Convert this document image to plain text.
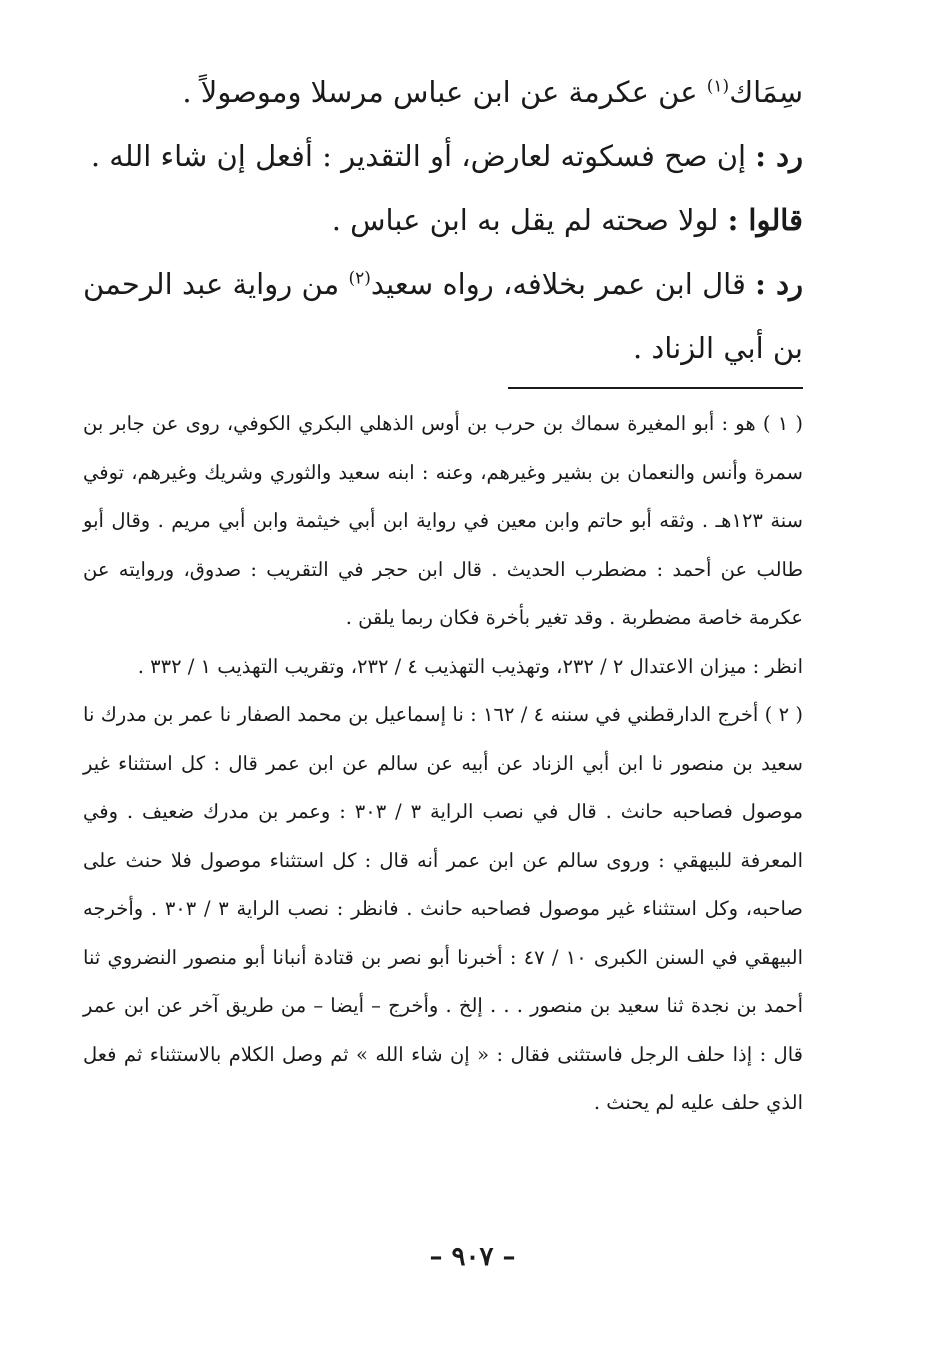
سِمَاك$^{(١)}$ عن عكرمة عن ابن عباس مرسلا وموصولاً .

رد : إن صح فسكوته لعارض، أو التقدير : أفعل إن شاء الله .

قالوا : لولا صحته لم يقل به ابن عباس .

رد : قال ابن عمر بخلافه، رواه سعيد$^{(٢)}$ من رواية عبد الرحمن بن أبي الزناد .

( ١ ) هو : أبو المغيرة سماك بن حرب بن أوس الذهلي البكري الكوفي، روى عن جابر بن سمرة وأنس والنعمان بن بشير وغيرهم، وعنه : ابنه سعيد والثوري وشريك وغيرهم، توفي سنة ١٢٣هـ . وثقه أبو حاتم وابن معين في رواية ابن أبي خيثمة وابن أبي مريم . وقال أبو طالب عن أحمد : مضطرب الحديث . قال ابن حجر في التقريب : صدوق، وروايته عن عكرمة خاصة مضطربة . وقد تغير بأخرة فكان ربما يلقن .

انظر : ميزان الاعتدال ٢ / ٢٣٢، وتهذيب التهذيب ٤ / ٢٣٢، وتقريب التهذيب ١ / ٣٣٢ .

( ٢ ) أخرج الدارقطني في سننه ٤ / ١٦٢ : نا إسماعيل بن محمد الصفار نا عمر بن مدرك نا سعيد بن منصور نا ابن أبي الزناد عن أبيه عن سالم عن ابن عمر قال : كل استثناء غير موصول فصاحبه حانث . قال في نصب الراية ٣ / ٣٠٣ : وعمر بن مدرك ضعيف . وفي المعرفة للبيهقي : وروى سالم عن ابن عمر أنه قال : كل استثناء موصول فلا حنث على صاحبه، وكل استثناء غير موصول فصاحبه حانث . فانظر : نصب الراية ٣ / ٣٠٣ . وأخرجه البيهقي في السنن الكبرى ١٠ / ٤٧ : أخبرنا أبو نصر بن قتادة أنبانا أبو منصور النضروي ثنا أحمد بن نجدة ثنا سعيد بن منصور . . . إلخ . وأخرج – أيضا – من طريق آخر عن ابن عمر قال : إذا حلف الرجل فاستثنى فقال : « إن شاء الله » ثم وصل الكلام بالاستثناء ثم فعل الذي حلف عليه لم يحنث .

– ٩٠٧ –
